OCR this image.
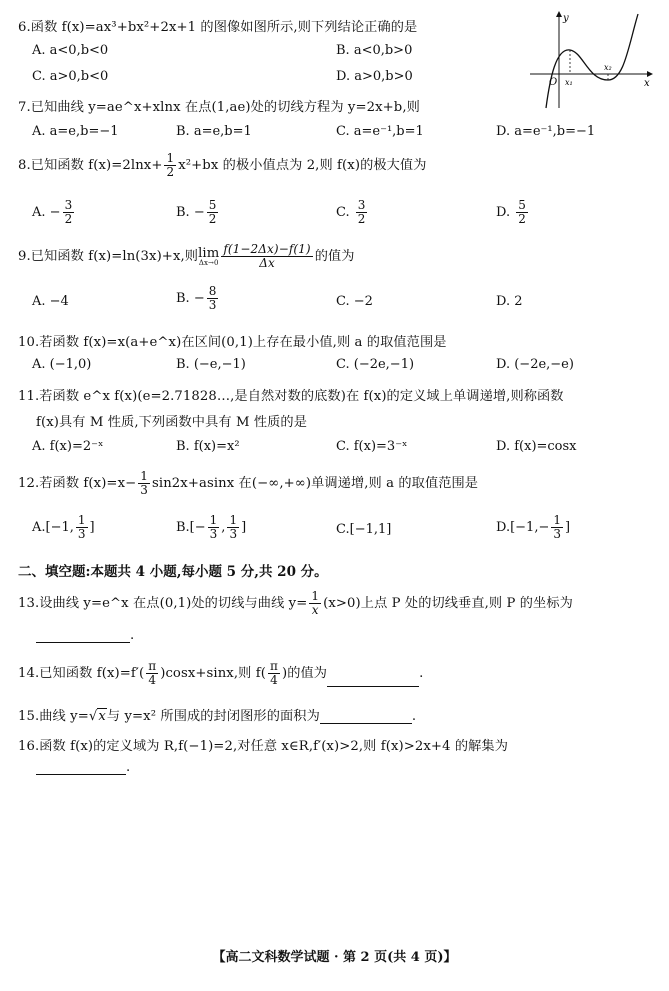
6.函数 f(x)=ax³+bx²+2x+1 的图像如图所示,则下列结论正确的是
A. a<0,b<0	B. a<0,b>0
C. a>0,b<0	D. a>0,b>0
y
x
O x₁
x₂
7.已知曲线 y=ae^x+xlnx 在点(1,ae)处的切线方程为 y=2x+b,则
A. a=e,b=−1	B. a=e,b=1	C. a=e⁻¹,b=1	D. a=e⁻¹,b=−1
8.已知函数 $f(x)=2\ln x+ \frac{1}{2} x^2+bx$ 的极小值点为 2,则 f(x)的极大值为
A. − $\frac{3}{2}$	B. − $\frac{5}{2}$	C. $\frac{3}{2}$	D. $\frac{5}{2}$
9.已知函数 f(x)=ln(3x)+x,则lim
$\Delta x\to 0 \frac{f(1-2\Delta x)-f(1)}{\Delta x}$ 的值为
A. −4	B. − $\frac{8}{3}$	C. −2	D. 2
10.若函数 f(x)=x(a+e^x)在区间(0,1)上存在最小值,则 a 的取值范围是
A. (−1,0)	B. (−e,−1)	C. (−2e,−1)	D. (−2e,−e)
11.若函数 e^x f(x)(e=2.71828…,是自然对数的底数)在 f(x)的定义域上单调递增,则称函数
f(x)具有 M 性质,下列函数中具有 M 性质的是
A. f(x)=2⁻ˣ	B. f(x)=x²	C. f(x)=3⁻ˣ	D. f(x)=cosx
12.若函数 $f(x)=x- \frac{1}{3} \sin 2x+asinx$ 在(−∞,+∞)单调递增,则 a 的取值范围是
A.[−1, $\frac{1}{3}$ ]	$B.[- \frac{1}{3}$ , $\frac{1}{3}$ ]	C.[−1,1]	$D.[-1,- \frac{1}{3}$ ]
二、填空题:本题共 4 小题,每小题 5 分,共 20 分。
13.设曲线 y=e^x 在点(0,1)处的切线与曲线 $y= \frac{1}{x} (x>0)$上点 P 处的切线垂直,则 P 的坐标为
.
14.已知函数 $f(x)=f'( \frac{\pi}{4} )\cos x+\sin x$,则 $f( \frac{\pi}{4}$ )的值为	.
15.曲线 y=√x与 y=x² 所围成的封闭图形的面积为	.
16.函数 f(x)的定义域为 R,f(−1)=2,对任意 x∈R,f′(x)>2,则 f(x)>2x+4 的解集为
.
【高二文科数学试题 · 第 2 页(共 4 页)】
